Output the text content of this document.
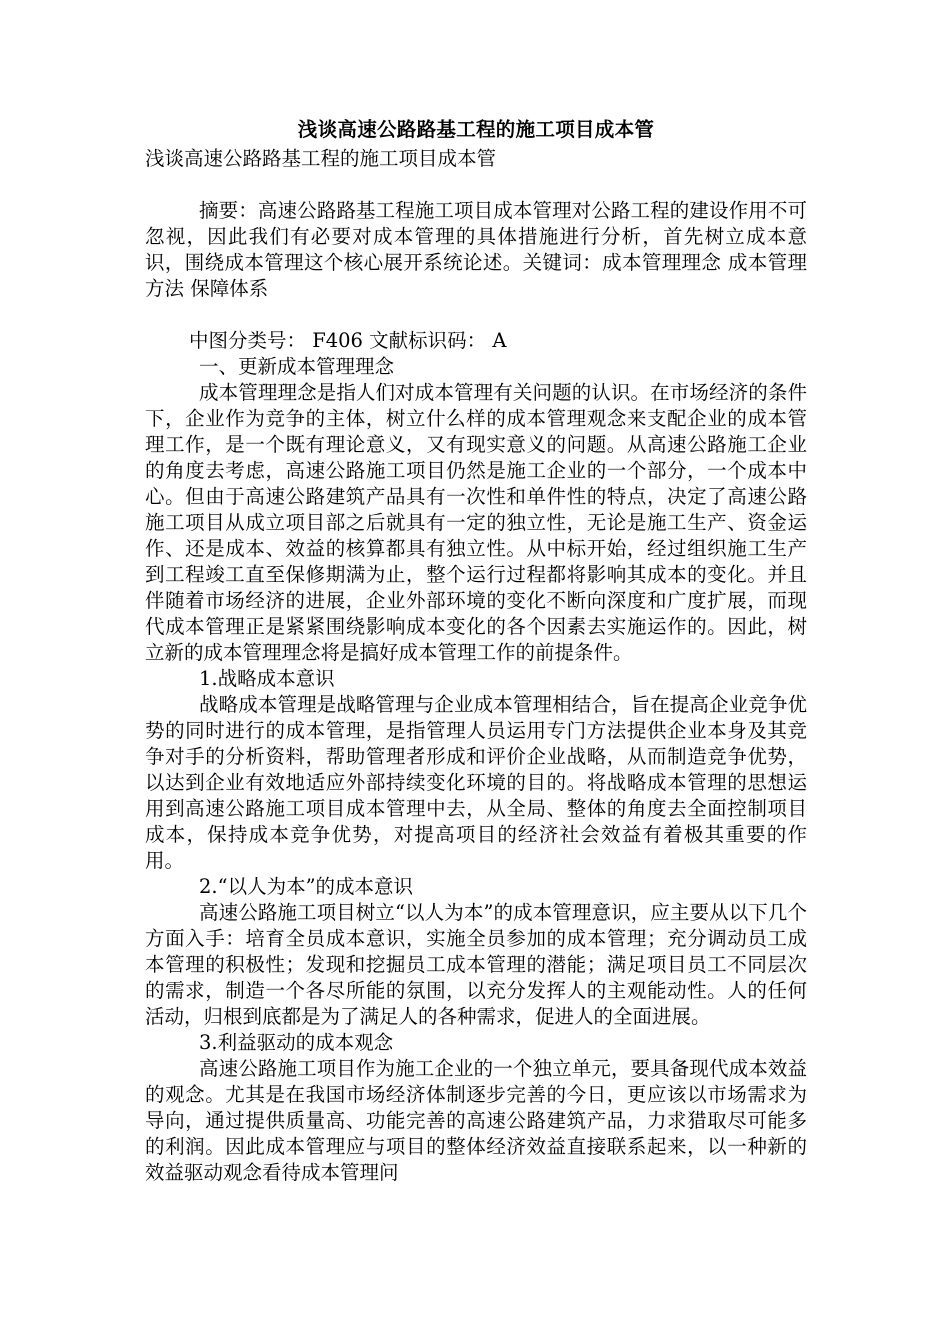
浅谈高速公路路基工程的施工项目成本管

浅谈高速公路路基工程的施工项目成本管

摘要：高速公路路基工程施工项目成本管理对公路工程的建设作用不可忽视，因此我们有必要对成本管理的具体措施进行分析，首先树立成本意识，围绕成本管理这个核心展开系统论述。关键词：成本管理理念 成本管理方法 保障体系

中图分类号： F406 文献标识码： A

一、更新成本管理理念

成本管理理念是指人们对成本管理有关问题的认识。在市场经济的条件下，企业作为竞争的主体，树立什么样的成本管理观念来支配企业的成本管理工作，是一个既有理论意义，又有现实意义的问题。从高速公路施工企业的角度去考虑，高速公路施工项目仍然是施工企业的一个部分，一个成本中心。但由于高速公路建筑产品具有一次性和单件性的特点，决定了高速公路施工项目从成立项目部之后就具有一定的独立性，无论是施工生产、资金运作、还是成本、效益的核算都具有独立性。从中标开始，经过组织施工生产到工程竣工直至保修期满为止，整个运行过程都将影响其成本的变化。并且伴随着市场经济的进展，企业外部环境的变化不断向深度和广度扩展，而现代成本管理正是紧紧围绕影响成本变化的各个因素去实施运作的。因此，树立新的成本管理理念将是搞好成本管理工作的前提条件。

1.战略成本意识

战略成本管理是战略管理与企业成本管理相结合，旨在提高企业竞争优势的同时进行的成本管理，是指管理人员运用专门方法提供企业本身及其竞争对手的分析资料，帮助管理者形成和评价企业战略，从而制造竞争优势，以达到企业有效地适应外部持续变化环境的目的。将战略成本管理的思想运用到高速公路施工项目成本管理中去，从全局、整体的角度去全面控制项目成本，保持成本竞争优势，对提高项目的经济社会效益有着极其重要的作用。

2.“以人为本”的成本意识

高速公路施工项目树立“以人为本”的成本管理意识，应主要从以下几个方面入手：培育全员成本意识，实施全员参加的成本管理；充分调动员工成本管理的积极性；发现和挖掘员工成本管理的潜能；满足项目员工不同层次的需求，制造一个各尽所能的氛围，以充分发挥人的主观能动性。人的任何活动，归根到底都是为了满足人的各种需求，促进人的全面进展。

3.利益驱动的成本观念

高速公路施工项目作为施工企业的一个独立单元，要具备现代成本效益的观念。尤其是在我国市场经济体制逐步完善的今日，更应该以市场需求为导向，通过提供质量高、功能完善的高速公路建筑产品，力求猎取尽可能多的利润。因此成本管理应与项目的整体经济效益直接联系起来，以一种新的效益驱动观念看待成本管理问
